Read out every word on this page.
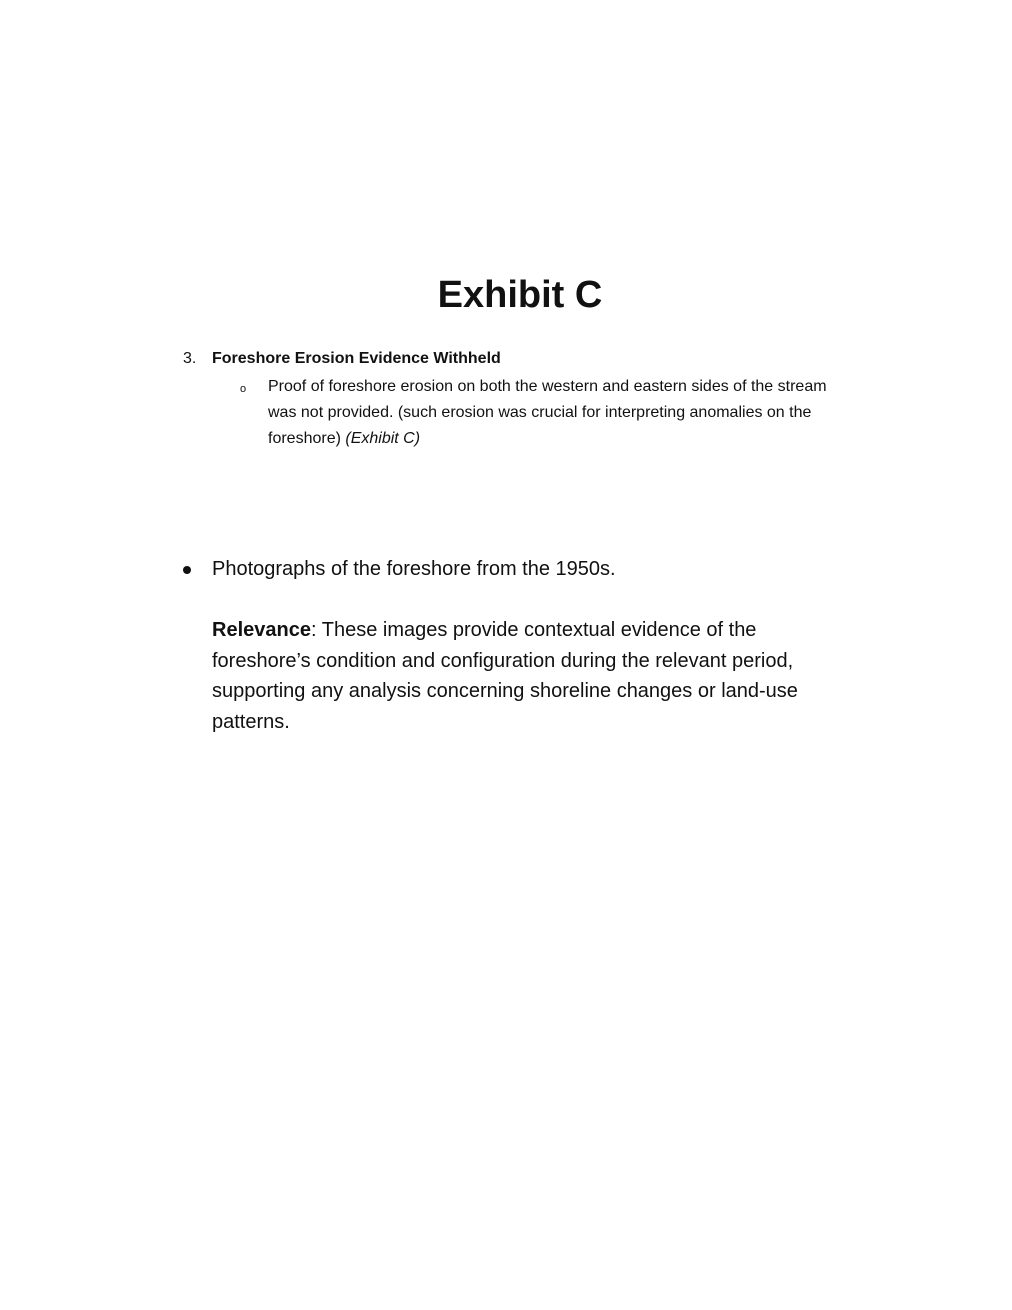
Exhibit C
3. Foreshore Erosion Evidence Withheld
o Proof of foreshore erosion on both the western and eastern sides of the stream was not provided. (such erosion was crucial for interpreting anomalies on the foreshore) (Exhibit C)
Photographs of the foreshore from the 1950s.
Relevance: These images provide contextual evidence of the foreshore’s condition and configuration during the relevant period, supporting any analysis concerning shoreline changes or land-use patterns.
